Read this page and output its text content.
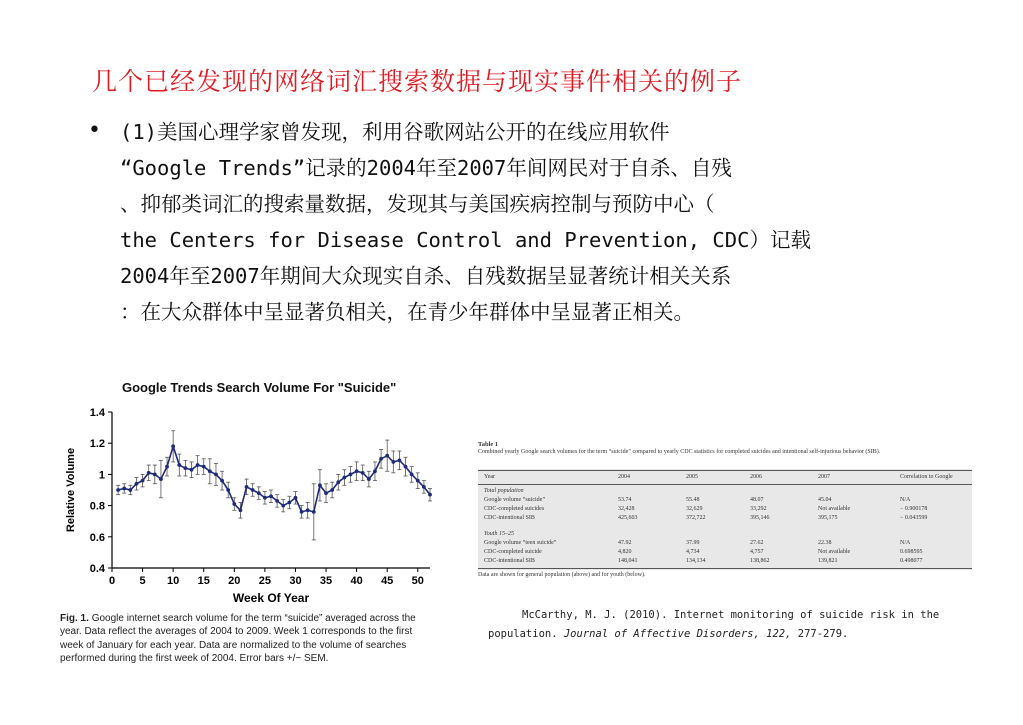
几个已经发现的网络词汇搜索数据与现实事件相关的例子
• (1)美国心理学家曾发现，利用谷歌网站公开的在线应用软件
“Google Trends”记录的2004年至2007年间网民对于自杀、自残
、抑郁类词汇的搜索量数据，发现其与美国疾病控制与预防中心（
the Centers for Disease Control and Prevention, CDC）记载
2004年至2007年期间大众现实自杀、自残数据呈显著统计相关关系
：在大众群体中呈显著负相关，在青少年群体中呈显著正相关。
Google Trends Search Volume For "Suicide"
0.4
0.6
0.8
1
1.2
1.4
0 5 10 15 20 25 30 35 40 45 50
Week Of Year
Relative Volume
Fig. 1. Google internet search volume for the term “suicide” averaged across the year. Data reflect the averages of 2004 to 2009. Week 1 corresponds to the first week of January for each year. Data are normalized to the volume of searches performed during the first week of 2004. Error bars +/− SEM.
Table 1
Combined yearly Google search volumes for the term “suicide” compared to yearly CDC statistics for completed suicides and intentional self-injurious behavior (SIB).
Year	2004	2005	2006	2007	Correlation to Google
Total population
Google volume “suicide”	53.74	55.48	48.07	45.04	N/A
CDC-completed suicides	32,428	32,629	33,292	Not available	− 0.900178
CDC-intentional SIB	425,603	372,722	395,146	395,175	− 0.043599
Youth 15–25
Google volume “teen suicide”	47.92	37.99	27.62	22.38	N/A
CDC-completed suicide	4,820	4,734	4,757	Not available	0.698595
CDC-intentional SIB	148,041	134,134	138,862	139,821	0.498077
Data are shown for general population (above) and for youth (below).
McCarthy, M. J. (2010). Internet monitoring of suicide risk in the
population. Journal of Affective Disorders, 122, 277-279.
